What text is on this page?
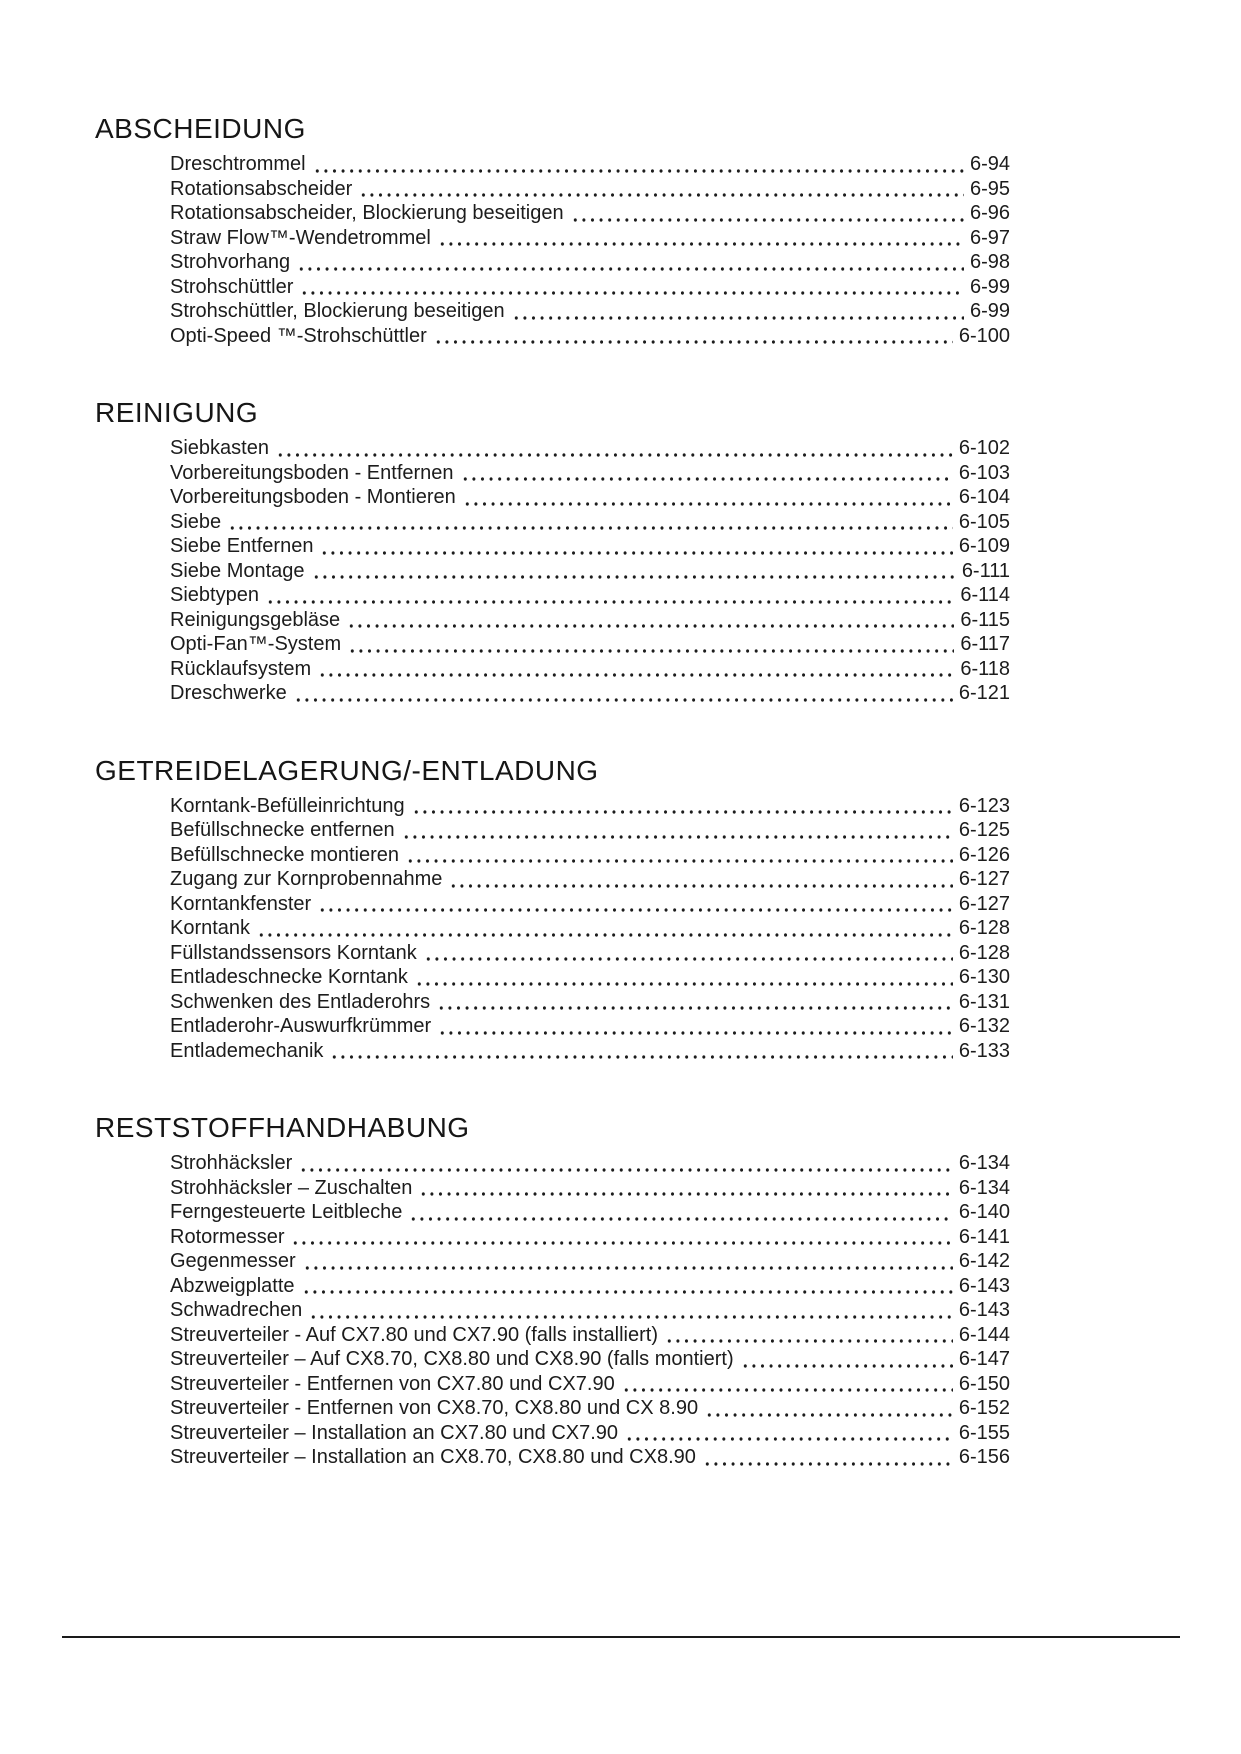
ABSCHEIDUNG
Dreschtrommel	6-94
Rotationsabscheider	6-95
Rotationsabscheider, Blockierung beseitigen	6-96
Straw Flow™-Wendetrommel	6-97
Strohvorhang	6-98
Strohschüttler	6-99
Strohschüttler, Blockierung beseitigen	6-99
Opti-Speed ™-Strohschüttler	6-100
REINIGUNG
Siebkasten	6-102
Vorbereitungsboden - Entfernen	6-103
Vorbereitungsboden - Montieren	6-104
Siebe	6-105
Siebe Entfernen	6-109
Siebe Montage	6-111
Siebtypen	6-114
Reinigungsgebläse	6-115
Opti-Fan™-System	6-117
Rücklaufsystem	6-118
Dreschwerke	6-121
GETREIDELAGERUNG/-ENTLADUNG
Korntank-Befülleinrichtung	6-123
Befüllschnecke entfernen	6-125
Befüllschnecke montieren	6-126
Zugang zur Kornprobennahme	6-127
Korntankfenster	6-127
Korntank	6-128
Füllstandssensors Korntank	6-128
Entladeschnecke Korntank	6-130
Schwenken des Entladerohrs	6-131
Entladerohr-Auswurfkrümmer	6-132
Entlademechanik	6-133
RESTSTOFFHANDHABUNG
Strohhäcksler	6-134
Strohhäcksler – Zuschalten	6-134
Ferngesteuerte Leitbleche	6-140
Rotormesser	6-141
Gegenmesser	6-142
Abzweigplatte	6-143
Schwadrechen	6-143
Streuverteiler - Auf CX7.80 und CX7.90 (falls installiert)	6-144
Streuverteiler – Auf CX8.70, CX8.80 und CX8.90 (falls montiert)	6-147
Streuverteiler - Entfernen von CX7.80 und CX7.90	6-150
Streuverteiler - Entfernen von CX8.70, CX8.80 und CX 8.90	6-152
Streuverteiler – Installation an CX7.80 und CX7.90	6-155
Streuverteiler – Installation an CX8.70, CX8.80 und CX8.90	6-156
